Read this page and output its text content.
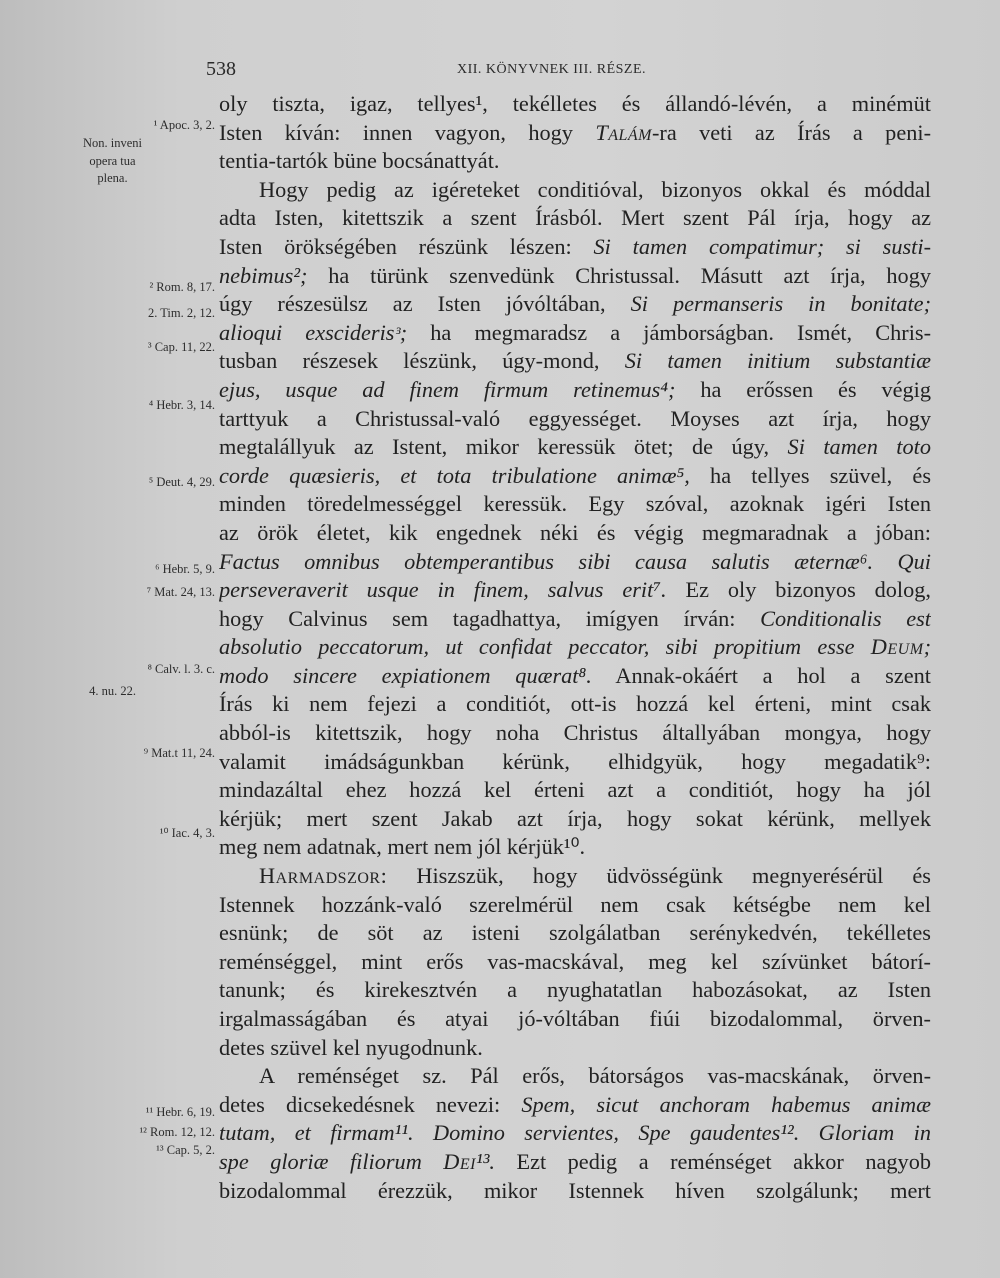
538	XII. KÖNYVNEK III. RÉSZE.
¹ Apoc. 3, 2.
Non. inveni
opera tua
plena.
² Rom. 8, 17.
2. Tim. 2, 12.
³ Cap. 11, 22.
⁴ Hebr. 3, 14.
⁵ Deut. 4, 29.
⁶ Hebr. 5, 9.
⁷ Mat. 24, 13.
⁸ Calv. l. 3. c.
4. nu. 22.
⁹ Mat.t 11, 24.
¹⁰ Iac. 4, 3.
¹¹ Hebr. 6, 19.
¹² Rom. 12, 12.
¹³ Cap. 5, 2.
oly tiszta, igaz, tellyes¹, tekélletes és állandó-lévén, a minémüt
Isten kíván: innen vagyon, hogy Talám-ra veti az Írás a peni-
tentia-tartók büne bocsánattyát.
Hogy pedig az igéreteket conditióval, bizonyos okkal és móddal
adta Isten, kitettszik a szent Írásból. Mert szent Pál írja, hogy az
Isten örökségében részünk lészen: Si tamen compatimur; si susti-
nebimus²; ha türünk szenvedünk Christussal. Másutt azt írja, hogy
úgy részesülsz az Isten jóvóltában, Si permanseris in bonitate;
alioqui exsciderisᶟ; ha megmaradsz a jámborságban. Ismét, Chris-
tusban részesek lészünk, úgy-mond, Si tamen initium substantiæ
ejus, usque ad finem firmum retinemus⁴; ha erőssen és végig
tarttyuk a Christussal-való eggyességet. Moyses azt írja, hogy
megtalállyuk az Istent, mikor keressük ötet; de úgy, Si tamen toto
corde quæsieris, et tota tribulatione animæ⁵, ha tellyes szüvel, és
minden töredelmességgel keressük. Egy szóval, azoknak igéri Isten
az örök életet, kik engednek néki és végig megmaradnak a jóban:
Factus omnibus obtemperantibus sibi causa salutis æternæ⁶. Qui
perseveraverit usque in finem, salvus erit⁷. Ez oly bizonyos dolog,
hogy Calvinus sem tagadhattya, imígyen írván: Conditionalis est
absolutio peccatorum, ut confidat peccator, sibi propitium esse Deum;
modo sincere expiationem quærat⁸. Annak-okáért a hol a szent
Írás ki nem fejezi a conditiót, ott-is hozzá kel érteni, mint csak
abból-is kitettszik, hogy noha Christus általlyában mongya, hogy
valamit imádságunkban kérünk, elhidgyük, hogy megadatik⁹:
mindazáltal ehez hozzá kel érteni azt a conditiót, hogy ha jól
kérjük; mert szent Jakab azt írja, hogy sokat kérünk, mellyek
meg nem adatnak, mert nem jól kérjük¹⁰.
Harmadszor: Hiszszük, hogy üdvösségünk megnyerésérül és
Istennek hozzánk-való szerelmérül nem csak kétségbe nem kel
esnünk; de söt az isteni szolgálatban serénykedvén, tekélletes
reménséggel, mint erős vas-macskával, meg kel szívünket bátorí-
tanunk; és kirekesztvén a nyughatatlan habozásokat, az Isten
irgalmasságában és atyai jó-vóltában fiúi bizodalommal, örven-
detes szüvel kel nyugodnunk.
A reménséget sz. Pál erős, bátorságos vas-macskának, örven-
detes dicsekedésnek nevezi: Spem, sicut anchoram habemus animæ
tutam, et firmam¹¹. Domino servientes, Spe gaudentes¹². Gloriam in
spe gloriæ filiorum Dei¹³. Ezt pedig a reménséget akkor nagyob
bizodalommal érezzük, mikor Istennek híven szolgálunk; mert
